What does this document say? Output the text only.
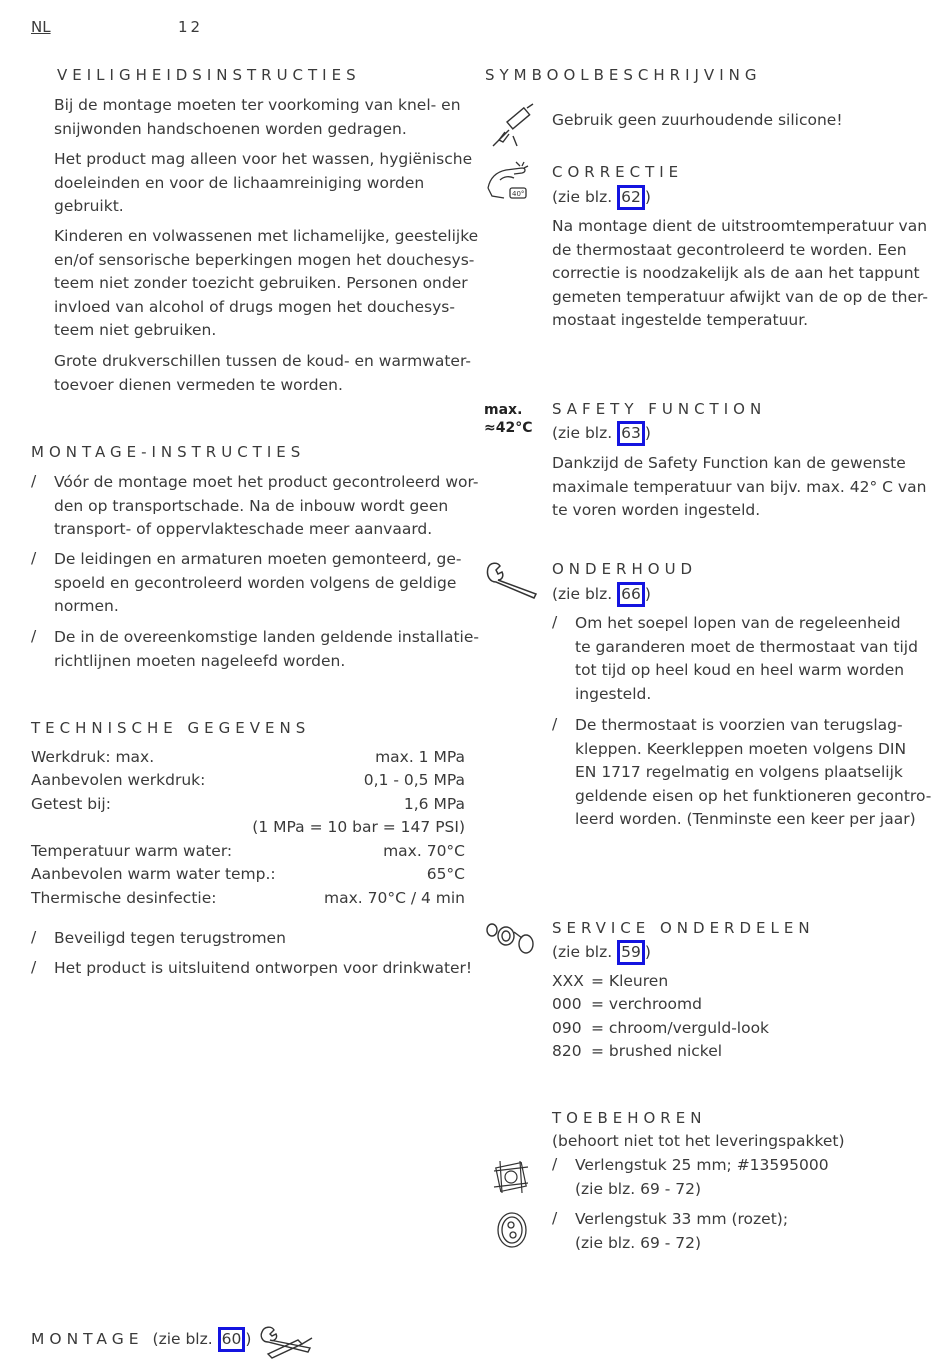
NL	12
VEILIGHEIDSINSTRUCTIES
Bij de montage moeten ter voorkoming van knel- en
snijwonden handschoenen worden gedragen.
Het product mag alleen voor het wassen, hygiënische
doeleinden en voor de lichaamreiniging worden
gebruikt.
Kinderen en volwassenen met lichamelijke, geestelijke
en/of sensorische beperkingen mogen het douchesys-
teem niet zonder toezicht gebruiken. Personen onder
invloed van alcohol of drugs mogen het douchesys-
teem niet gebruiken.
Grote drukverschillen tussen de koud- en warmwater-
toevoer dienen vermeden te worden.
MONTAGE-INSTRUCTIES
/ Vóór de montage moet het product gecontroleerd wor-
den op transportschade. Na de inbouw wordt geen
transport- of oppervlakteschade meer aanvaard.
/ De leidingen en armaturen moeten gemonteerd, ge-
spoeld en gecontroleerd worden volgens de geldige
normen.
/ De in de overeenkomstige landen geldende installatie-
richtlijnen moeten nageleefd worden.
TECHNISCHE GEGEVENS
Werkdruk: max.	max. 1 MPa
Aanbevolen werkdruk:	0,1 - 0,5 MPa
Getest bij:	1,6 MPa
(1 MPa = 10 bar = 147 PSI)
Temperatuur warm water:	max. 70°C
Aanbevolen warm water temp.:	65°C
Thermische desinfectie:	max. 70°C / 4 min
/ Beveiligd tegen terugstromen
/ Het product is uitsluitend ontworpen voor drinkwater!
SYMBOOLBESCHRIJVING
Gebruik geen zuurhoudende silicone!
40°
CORRECTIE
(zie blz. 62 )
Na montage dient de uitstroomtemperatuur van
de thermostaat gecontroleerd te worden. Een
correctie is noodzakelijk als de aan het tappunt
gemeten temperatuur afwijkt van de op de ther-
mostaat ingestelde temperatuur.
max.
≈42°C
SAFETY FUNCTION
(zie blz. 63 )
Dankzijd de Safety Function kan de gewenste
maximale temperatuur van bijv. max. 42° C van
te voren worden ingesteld.
ONDERHOUD
(zie blz. 66 )
/ Om het soepel lopen van de regeleenheid
te garanderen moet de thermostaat van tijd
tot tijd op heel koud en heel warm worden
ingesteld.
/ De thermostaat is voorzien van terugslag-
kleppen. Keerkleppen moeten volgens DIN
EN 1717 regelmatig en volgens plaatselijk
geldende eisen op het funktioneren gecontro-
leerd worden. (Tenminste een keer per jaar)
SERVICE ONDERDELEN
(zie blz. 59 )
XXX = Kleuren
000 = verchroomd
090 = chroom/verguld-look
820 = brushed nickel
TOEBEHOREN
(behoort niet tot het leveringspakket)
/ Verlengstuk 25 mm; #13595000
(zie blz. 69 - 72)
/ Verlengstuk 33 mm (rozet);
(zie blz. 69 - 72)
MONTAGE (zie blz. 60 )
